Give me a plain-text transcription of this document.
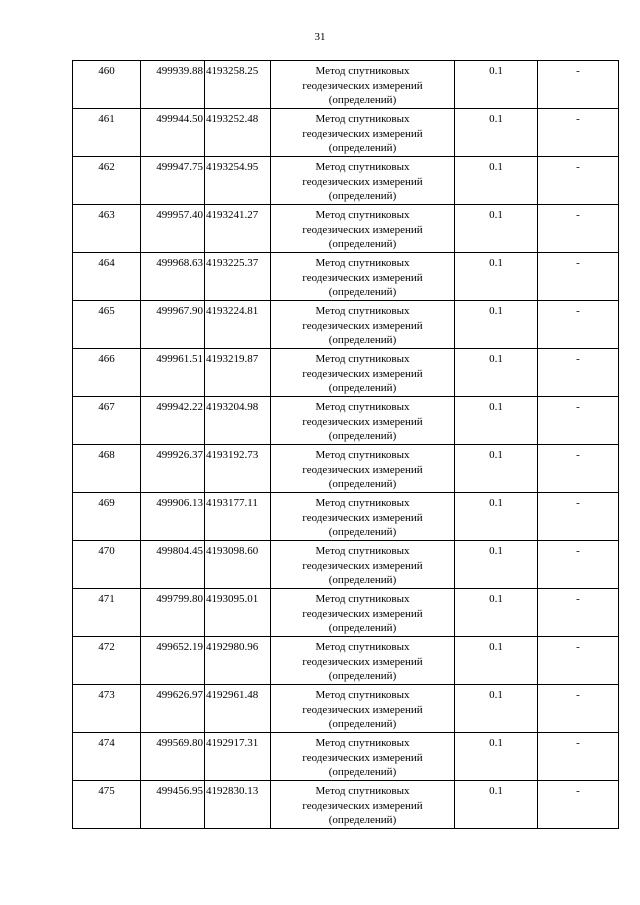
31
460	499939.88	4193258.25	Метод спутниковых
геодезических измерений
(определений)	0.1	-
461	499944.50	4193252.48	Метод спутниковых
геодезических измерений
(определений)	0.1	-
462	499947.75	4193254.95	Метод спутниковых
геодезических измерений
(определений)	0.1	-
463	499957.40	4193241.27	Метод спутниковых
геодезических измерений
(определений)	0.1	-
464	499968.63	4193225.37	Метод спутниковых
геодезических измерений
(определений)	0.1	-
465	499967.90	4193224.81	Метод спутниковых
геодезических измерений
(определений)	0.1	-
466	499961.51	4193219.87	Метод спутниковых
геодезических измерений
(определений)	0.1	-
467	499942.22	4193204.98	Метод спутниковых
геодезических измерений
(определений)	0.1	-
468	499926.37	4193192.73	Метод спутниковых
геодезических измерений
(определений)	0.1	-
469	499906.13	4193177.11	Метод спутниковых
геодезических измерений
(определений)	0.1	-
470	499804.45	4193098.60	Метод спутниковых
геодезических измерений
(определений)	0.1	-
471	499799.80	4193095.01	Метод спутниковых
геодезических измерений
(определений)	0.1	-
472	499652.19	4192980.96	Метод спутниковых
геодезических измерений
(определений)	0.1	-
473	499626.97	4192961.48	Метод спутниковых
геодезических измерений
(определений)	0.1	-
474	499569.80	4192917.31	Метод спутниковых
геодезических измерений
(определений)	0.1	-
475	499456.95	4192830.13	Метод спутниковых
геодезических измерений
(определений)	0.1	-
